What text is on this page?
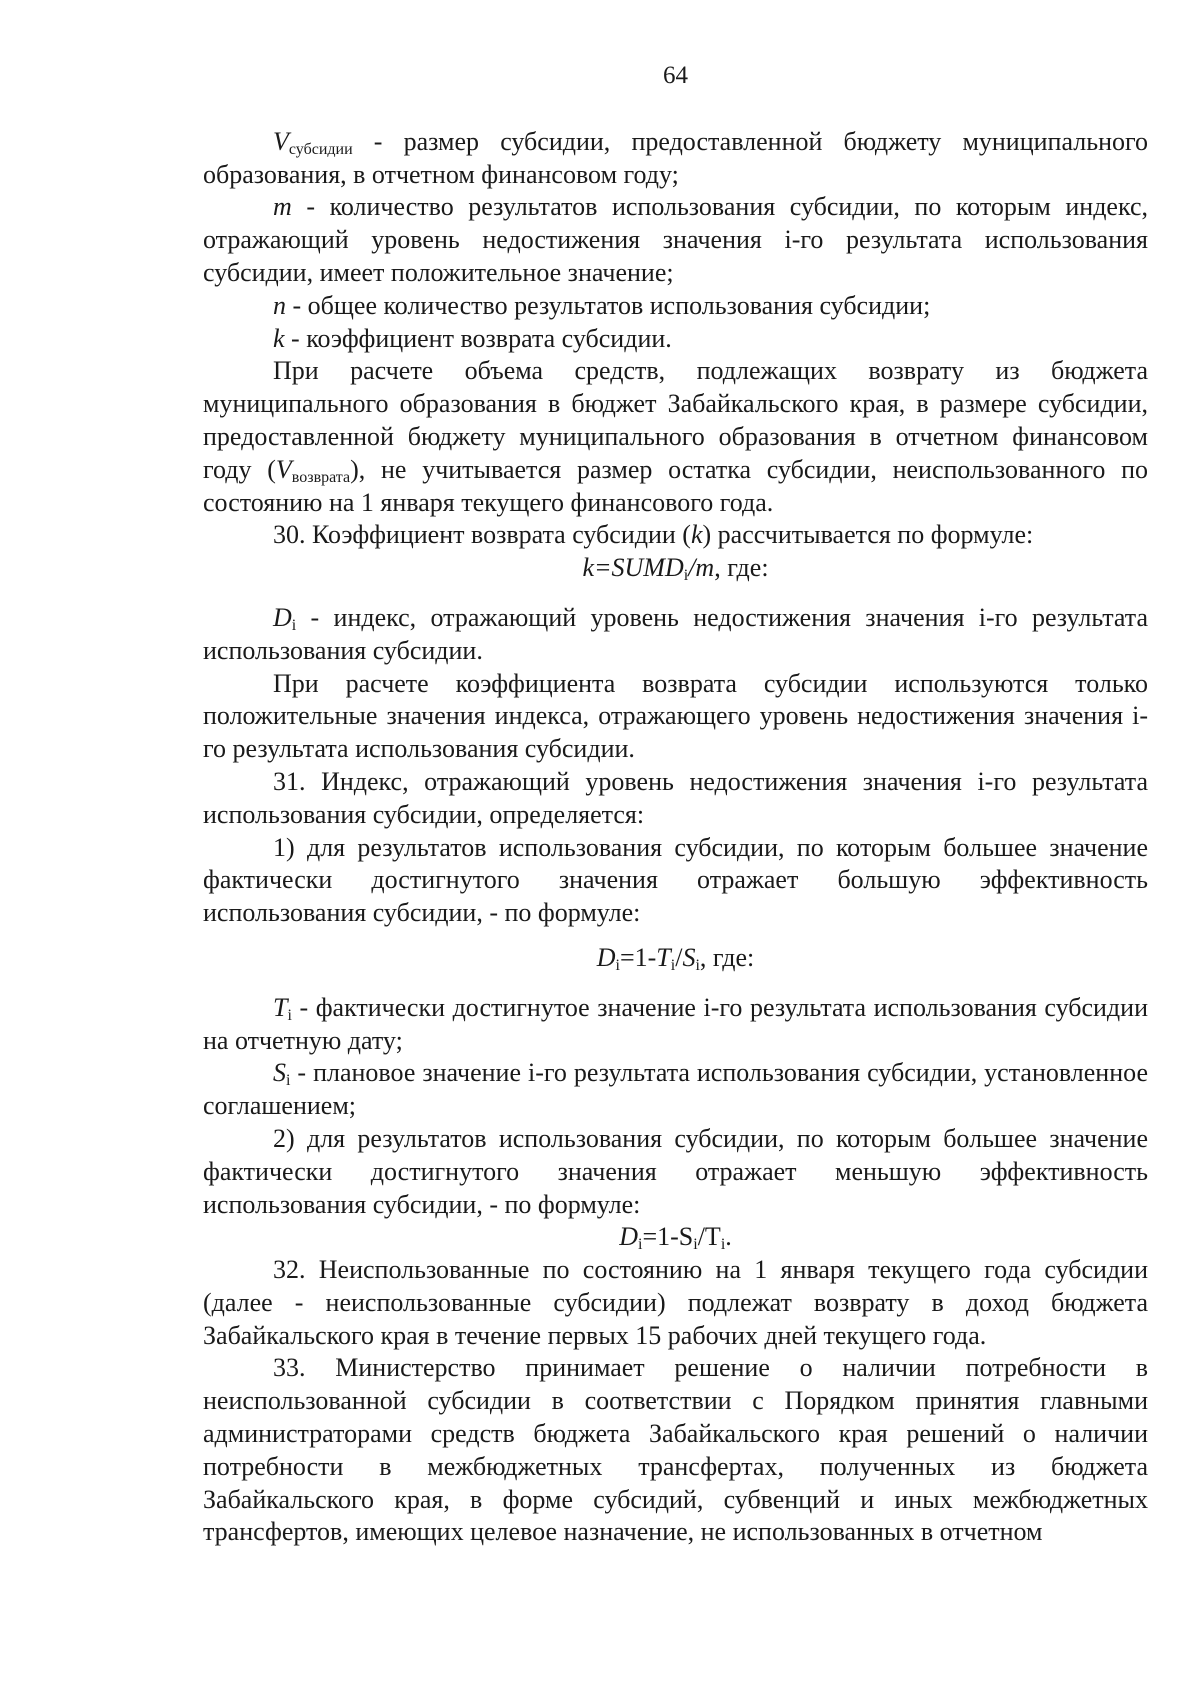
64

$V_{субсидии}$ - размер субсидии, предоставленной бюджету муниципального образования, в отчетном финансовом году;

m - количество результатов использования субсидии, по которым индекс, отражающий уровень недостижения значения i-го результата использования субсидии, имеет положительное значение;

n - общее количество результатов использования субсидии;

k - коэффициент возврата субсидии.

При расчете объема средств, подлежащих возврату из бюджета муниципального образования в бюджет Забайкальского края, в размере субсидии, предоставленной бюджету муниципального образования в отчетном финансовом году $(V_{возврата})$, не учитывается размер остатка субсидии, неиспользованного по состоянию на 1 января текущего финансового года.

30. Коэффициент возврата субсидии (k) рассчитывается по формуле:

$k=SUMD_i/m$, где:

$D_i$ - индекс, отражающий уровень недостижения значения i-го результата использования субсидии.

При расчете коэффициента возврата субсидии используются только положительные значения индекса, отражающего уровень недостижения значения i-го результата использования субсидии.

31. Индекс, отражающий уровень недостижения значения i-го результата использования субсидии, определяется:

1) для результатов использования субсидии, по которым большее значение фактически достигнутого значения отражает большую эффективность использования субсидии, - по формуле:

$D_i=1-T_i/S_i$, где:

$T_i$ - фактически достигнутое значение i-го результата использования субсидии на отчетную дату;

$S_i$ - плановое значение i-го результата использования субсидии, установленное соглашением;

2) для результатов использования субсидии, по которым большее значение фактически достигнутого значения отражает меньшую эффективность использования субсидии, - по формуле:

$D_i=1-S_i/T_i$.

32. Неиспользованные по состоянию на 1 января текущего года субсидии (далее - неиспользованные субсидии) подлежат возврату в доход бюджета Забайкальского края в течение первых 15 рабочих дней текущего года.

33. Министерство принимает решение о наличии потребности в неиспользованной субсидии в соответствии с Порядком принятия главными администраторами средств бюджета Забайкальского края решений о наличии потребности в межбюджетных трансфертах, полученных из бюджета Забайкальского края, в форме субсидий, субвенций и иных межбюджетных трансфертов, имеющих целевое назначение, не использованных в отчетном
